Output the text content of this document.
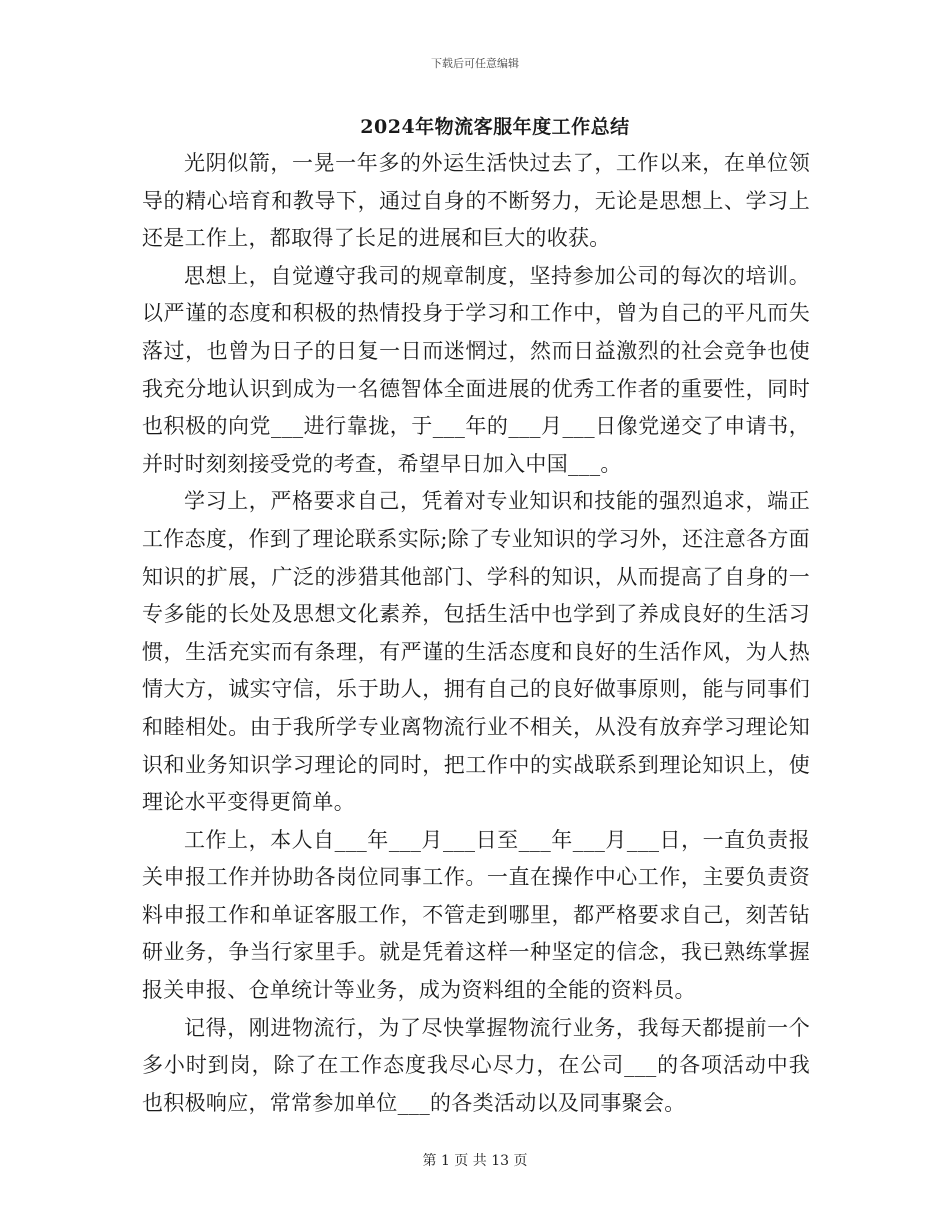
下载后可任意编辑
2024年物流客服年度工作总结

光阴似箭，一晃一年多的外运生活快过去了，工作以来，在单位领导的精心培育和教导下，通过自身的不断努力，无论是思想上、学习上还是工作上，都取得了长足的进展和巨大的收获。

思想上，自觉遵守我司的规章制度，坚持参加公司的每次的培训。以严谨的态度和积极的热情投身于学习和工作中，曾为自己的平凡而失落过，也曾为日子的日复一日而迷惘过，然而日益激烈的社会竞争也使我充分地认识到成为一名德智体全面进展的优秀工作者的重要性，同时也积极的向党___进行靠拢，于___年的___月___日像党递交了申请书，并时时刻刻接受党的考查，希望早日加入中国___。

学习上，严格要求自己，凭着对专业知识和技能的强烈追求，端正工作态度，作到了理论联系实际;除了专业知识的学习外，还注意各方面知识的扩展，广泛的涉猎其他部门、学科的知识，从而提高了自身的一专多能的长处及思想文化素养，包括生活中也学到了养成良好的生活习惯，生活充实而有条理，有严谨的生活态度和良好的生活作风，为人热情大方，诚实守信，乐于助人，拥有自己的良好做事原则，能与同事们和睦相处。由于我所学专业离物流行业不相关，从没有放弃学习理论知识和业务知识学习理论的同时，把工作中的实战联系到理论知识上，使理论水平变得更简单。

工作上，本人自___年___月___日至___年___月___日，一直负责报关申报工作并协助各岗位同事工作。一直在操作中心工作，主要负责资料申报工作和单证客服工作，不管走到哪里，都严格要求自己，刻苦钻研业务，争当行家里手。就是凭着这样一种坚定的信念，我已熟练掌握报关申报、仓单统计等业务，成为资料组的全能的资料员。

记得，刚进物流行，为了尽快掌握物流行业务，我每天都提前一个多小时到岗，除了在工作态度我尽心尽力，在公司___的各项活动中我也积极响应，常常参加单位___的各类活动以及同事聚会。

第 1 页 共 13 页
